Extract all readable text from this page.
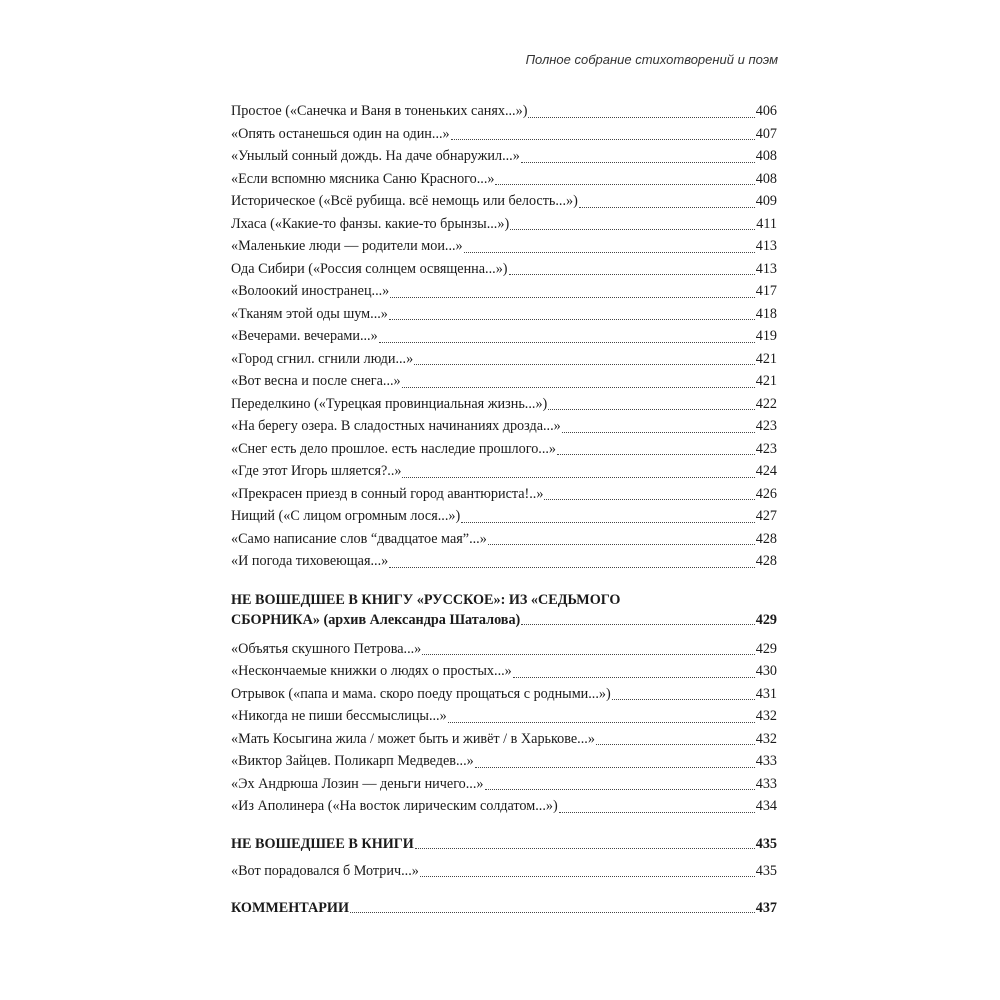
Полное собрание стихотворений и поэм
Простое («Санечка и Ваня в тоненьких санях...»)	406
«Опять останешься один на один...»	407
«Унылый сонный дождь. На даче обнаружил...»	408
«Если вспомню мясника Саню Красного...»	408
Историческое («Всё рубища. всё немощь или белость...»)	409
Лхаса («Какие-то фанзы. какие-то брынзы...»)	411
«Маленькие люди — родители мои...»	413
Ода Сибири («Россия солнцем освященна...»)	413
«Волоокий иностранец...»	417
«Тканям этой оды шум...»	418
«Вечерами. вечерами...»	419
«Город сгнил. сгнили люди...»	421
«Вот весна и после снега...»	421
Переделкино («Турецкая провинциальная жизнь...»)	422
«На берегу озера. В сладостных начинаниях дрозда...»	423
«Снег есть дело прошлое. есть наследие прошлого...»	423
«Где этот Игорь шляется?..»	424
«Прекрасен приезд в сонный город авантюриста!..»	426
Нищий («С лицом огромным лося...»)	427
«Само написание слов “двадцатое мая”...»	428
«И погода тиховеющая...»	428
НЕ ВОШЕДШЕЕ В КНИГУ «РУССКОЕ»: ИЗ «СЕДЬМОГО
СБОРНИКА» (архив Александра Шаталова)	429
«Объятья скушного Петрова...»	429
«Нескончаемые книжки о людях о простых...»	430
Отрывок («папа и мама. скоро поеду прощаться с родными...»)	431
«Никогда не пиши бессмыслицы...»	432
«Мать Косыгина жила / может быть и живёт / в Харькове...»	432
«Виктор Зайцев. Поликарп Медведев...»	433
«Эх Андрюша Лозин — деньги ничего...»	433
«Из Аполинера («На восток лирическим солдатом...»)	434
НЕ ВОШЕДШЕЕ В КНИГИ	435
«Вот порадовался б Мотрич...»	435
КОММЕНТАРИИ	437
